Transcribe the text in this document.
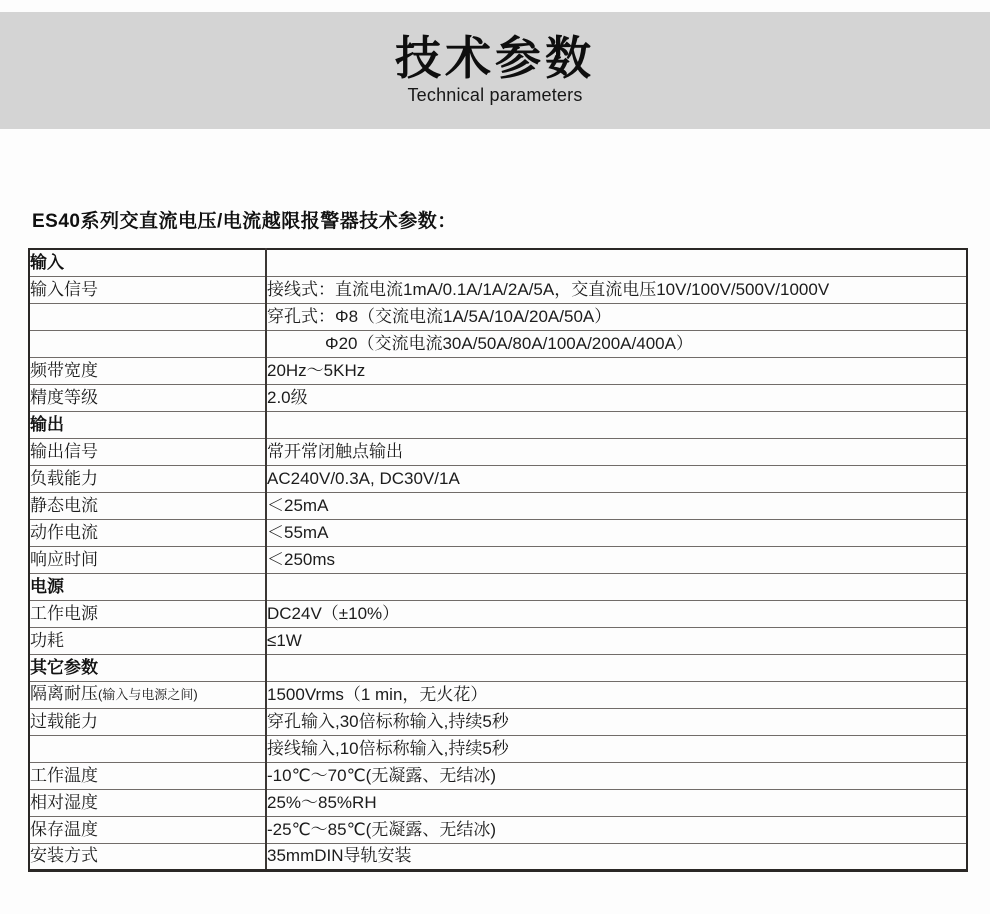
技术参数
Technical parameters
ES40系列交直流电压/电流越限报警器技术参数：
输入	
输入信号	接线式：直流电流1mA/0.1A/1A/2A/5A，交直流电压10V/100V/500V/1000V
	穿孔式：Φ8（交流电流1A/5A/10A/20A/50A）
	Φ20（交流电流30A/50A/80A/100A/200A/400A）
频带宽度	20Hz～5KHz
精度等级	2.0级
输出	
输出信号	常开常闭触点输出
负载能力	AC240V/0.3A, DC30V/1A
静态电流	＜25mA
动作电流	＜55mA
响应时间	＜250ms
电源	
工作电源	DC24V（±10%）
功耗	≤1W
其它参数	
隔离耐压(输入与电源之间)	1500Vrms（1 min，无火花）
过载能力	穿孔输入,30倍标称输入,持续5秒
	接线输入,10倍标称输入,持续5秒
工作温度	-10℃～70℃(无凝露、无结冰)
相对湿度	25%～85%RH
保存温度	-25℃～85℃(无凝露、无结冰)
安装方式	35mmDIN导轨安装
